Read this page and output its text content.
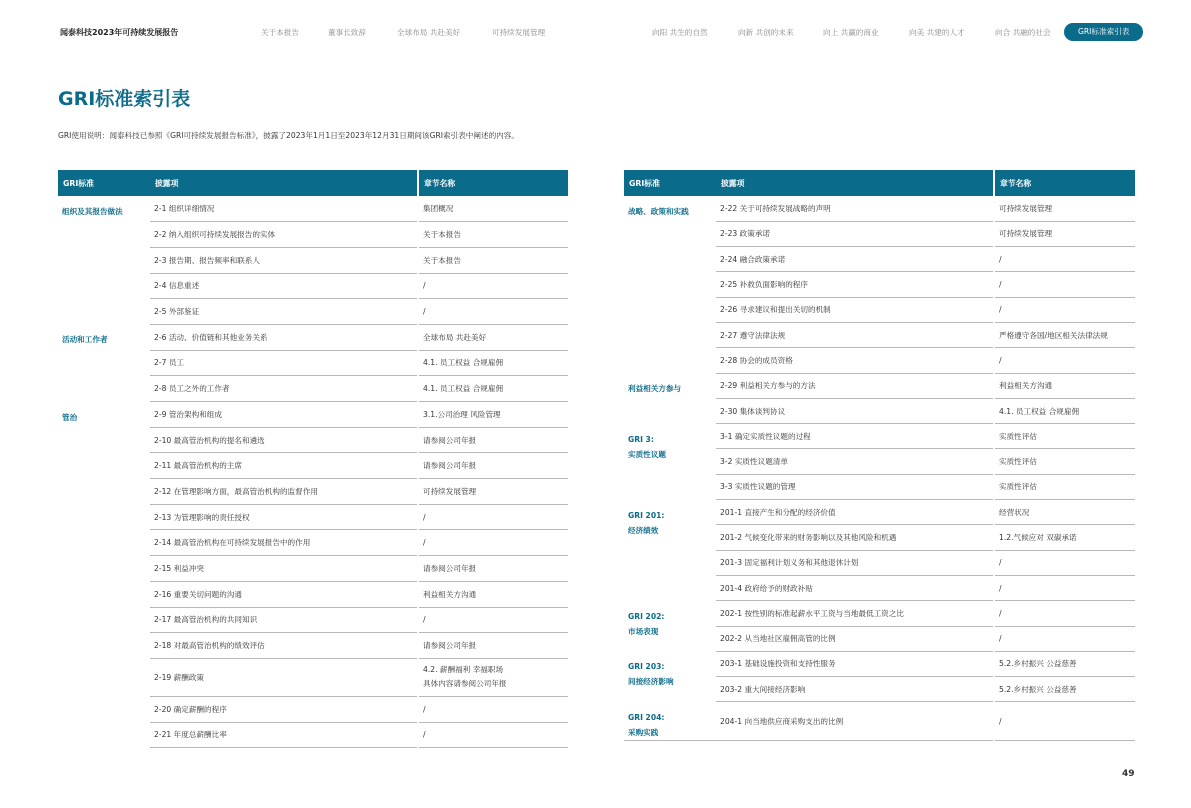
闻泰科技2023年可持续发展报告	关于本报告	董事长致辞	全球布局 共赴美好	可持续发展管理	向阳 共生的自然	向新 共创的未来	向上 共赢的商业	向美 共建的人才	向合 共融的社会	GRI标准索引表
GRI标准索引表
GRI使用说明：闻泰科技已参照《GRI可持续发展报告标准》，披露了2023年1月1日至2023年12月31日期间该GRI索引表中阐述的内容。
GRI标准	披露项	章节名称
组织及其报告做法	2-1 组织详细情况	集团概况
	2-2 纳入组织可持续发展报告的实体	关于本报告
	2-3 报告期、报告频率和联系人	关于本报告
	2-4 信息重述	/
	2-5 外部鉴证	/
活动和工作者	2-6 活动、价值链和其他业务关系	全球布局 共赴美好
	2-7 员工	4.1. 员工权益 合规雇佣
	2-8 员工之外的工作者	4.1. 员工权益 合规雇佣
管治	2-9 管治架构和组成	3.1.公司治理 风险管理
	2-10 最高管治机构的提名和遴选	请参阅公司年报
	2-11 最高管治机构的主席	请参阅公司年报
	2-12 在管理影响方面，最高管治机构的监督作用	可持续发展管理
	2-13 为管理影响的责任授权	/
	2-14 最高管治机构在可持续发展报告中的作用	/
	2-15 利益冲突	请参阅公司年报
	2-16 重要关切问题的沟通	利益相关方沟通
	2-17 最高管治机构的共同知识	/
	2-18 对最高管治机构的绩效评估	请参阅公司年报
	2-19 薪酬政策	4.2. 薪酬福利 幸福职场
具体内容请参阅公司年报
	2-20 确定薪酬的程序	/
	2-21 年度总薪酬比率	/
GRI标准	披露项	章节名称
战略、政策和实践	2-22 关于可持续发展战略的声明	可持续发展管理
	2-23 政策承诺	可持续发展管理
	2-24 融合政策承诺	/
	2-25 补救负面影响的程序	/
	2-26 寻求建议和提出关切的机制	/
	2-27 遵守法律法规	严格遵守各国/地区相关法律法规
	2-28 协会的成员资格	/
利益相关方参与	2-29 利益相关方参与的方法	利益相关方沟通
	2-30 集体谈判协议	4.1. 员工权益 合规雇佣
GRI 3:
实质性议题	3-1 确定实质性议题的过程	实质性评估
	3-2 实质性议题清单	实质性评估
	3-3 实质性议题的管理	实质性评估
GRI 201:
经济绩效	201-1 直接产生和分配的经济价值	经营状况
	201-2 气候变化带来的财务影响以及其他风险和机遇	1.2.气候应对 双碳承诺
	201-3 固定福利计划义务和其他退休计划	/
	201-4 政府给予的财政补贴	/
GRI 202:
市场表现	202-1 按性别的标准起薪水平工资与当地最低工资之比	/
	202-2 从当地社区雇佣高管的比例	/
GRI 203:
间接经济影响	203-1 基础设施投资和支持性服务	5.2.乡村振兴 公益慈善
	203-2 重大间接经济影响	5.2.乡村振兴 公益慈善
GRI 204:
采购实践	204-1 向当地供应商采购支出的比例	/
49
